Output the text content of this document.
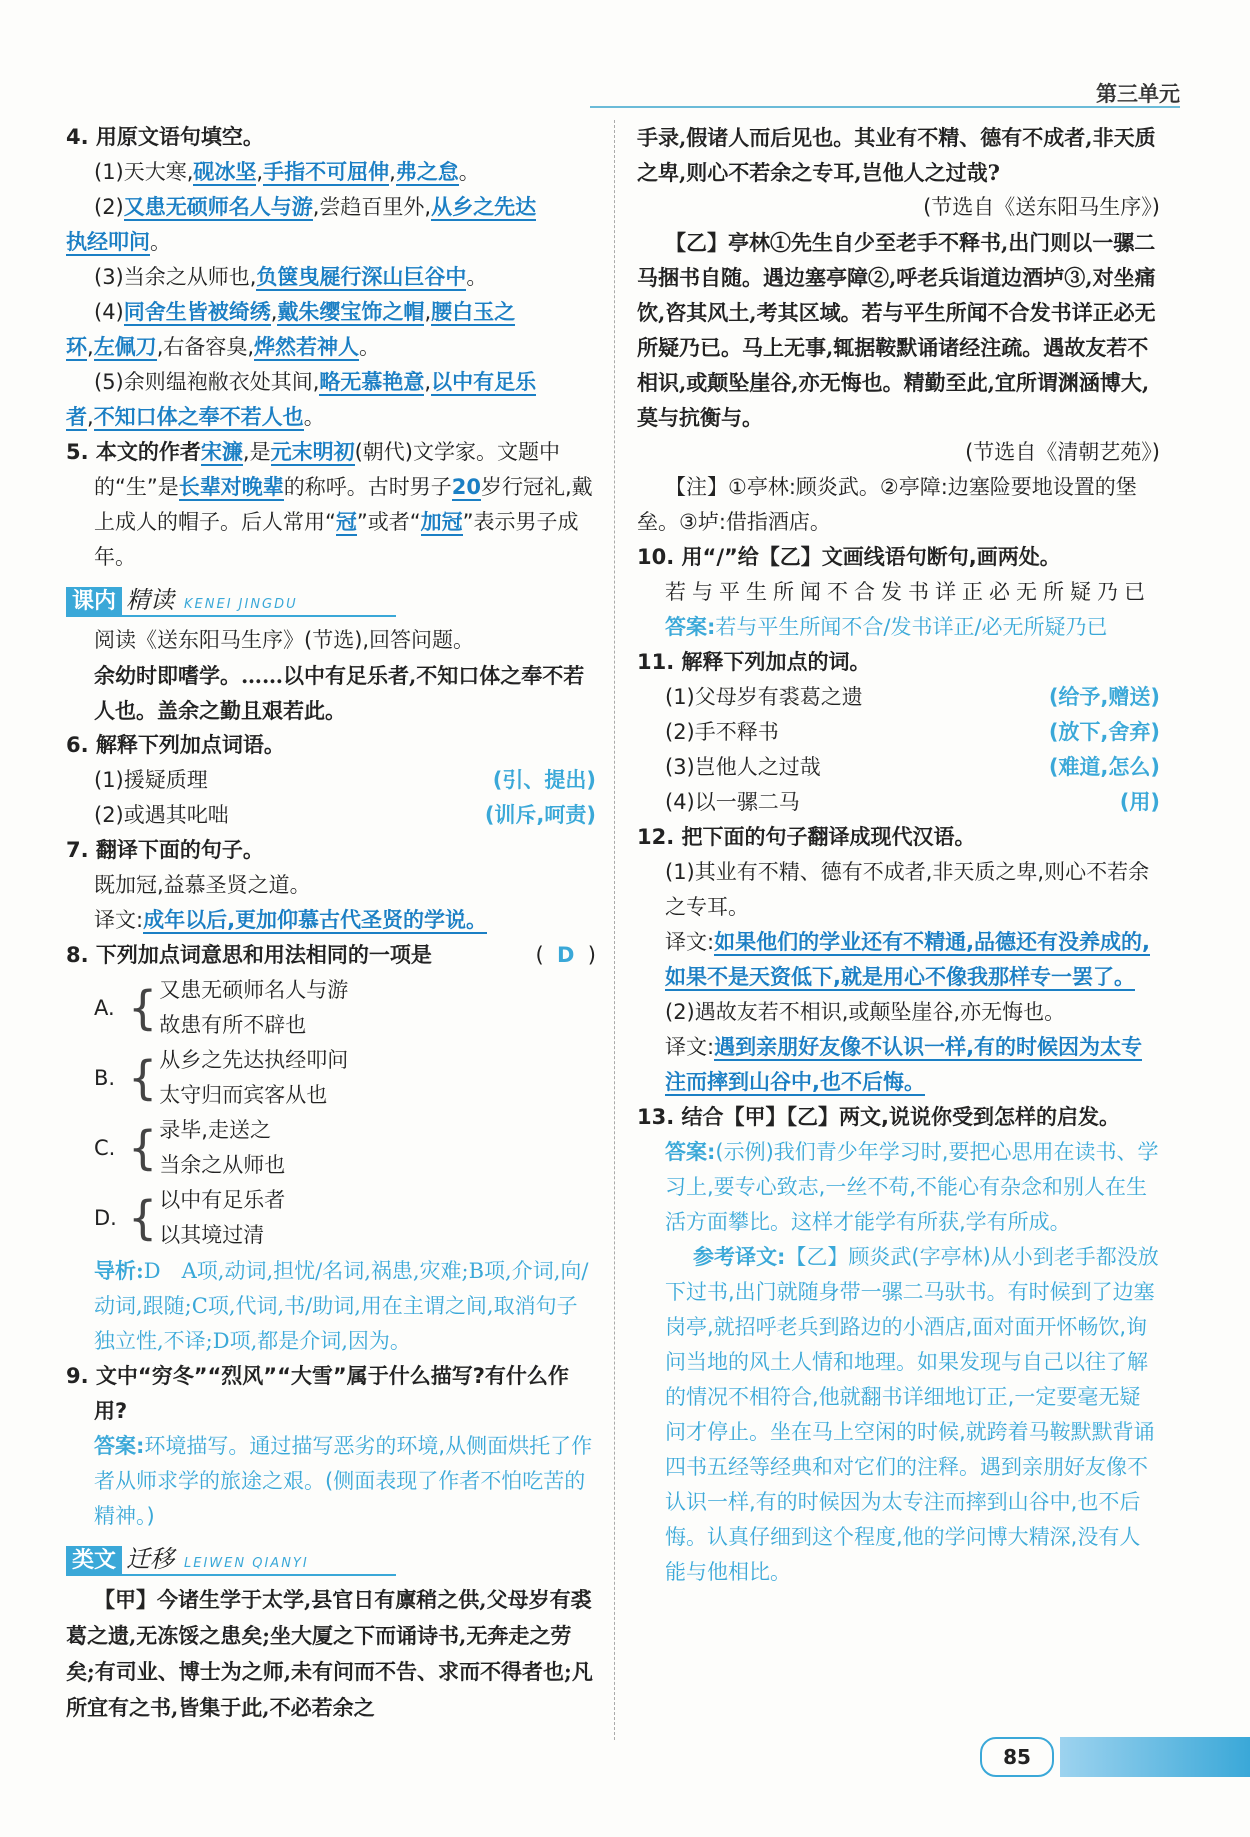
第三单元

4. 用原文语句填空。

(1)天大寒,砚冰坚,手指不可屈伸,弗之怠。

(2)又患无硕师名人与游,尝趋百里外,从乡之先达
执经叩问。

(3)当余之从师也,负箧曳屣行深山巨谷中。

(4)同舍生皆被绮绣,戴朱缨宝饰之帽,腰白玉之
环,左佩刀,右备容臭,烨然若神人。

(5)余则缊袍敝衣处其间,略无慕艳意,以中有足乐
者,不知口体之奉不若人也。

5. 本文的作者宋濂,是元末明初(朝代)文学家。文题中的“生”是长辈对晚辈的称呼。古时男子20岁行冠礼,戴上成人的帽子。后人常用“冠”或者“加冠”表示男子成年。

课内 精读 KENEI JINGDU

阅读《送东阳马生序》(节选),回答问题。

余幼时即嗜学。……以中有足乐者,不知口体之奉不若人也。盖余之勤且艰若此。

6. 解释下列加点词语。

(1)援疑质理	(引、提出)
(2)或遇其叱咄	(训斥,呵责)

7. 翻译下面的句子。

既加冠,益慕圣贤之道。

译文:成年以后,更加仰慕古代圣贤的学说。

8. 下列加点词意思和用法相同的一项是	( D )
A. { 又患无硕师名人与游
故患有所不辟也
B. { 从乡之先达执经叩问
太守归而宾客从也
C. { 录毕,走送之
当余之从师也
D. { 以中有足乐者
以其境过清

导析:D　A项,动词,担忧/名词,祸患,灾难;B项,介词,向/动词,跟随;C项,代词,书/助词,用在主谓之间,取消句子独立性,不译;D项,都是介词,因为。

9. 文中“穷冬”“烈风”“大雪”属于什么描写?有什么作用?

答案:环境描写。通过描写恶劣的环境,从侧面烘托了作者从师求学的旅途之艰。(侧面表现了作者不怕吃苦的精神。)

类文 迁移 LEIWEN QIANYI

【甲】今诸生学于太学,县官日有廪稍之供,父母岁有裘葛之遗,无冻馁之患矣;坐大厦之下而诵诗书,无奔走之劳矣;有司业、博士为之师,未有问而不告、求而不得者也;凡所宜有之书,皆集于此,不必若余之

手录,假诸人而后见也。其业有不精、德有不成者,非天质之卑,则心不若余之专耳,岂他人之过哉?

(节选自《送东阳马生序》)

【乙】亭林①先生自少至老手不释书,出门则以一骡二马捆书自随。遇边塞亭障②,呼老兵诣道边酒垆③,对坐痛饮,咨其风土,考其区域。若与平生所闻不合发书详正必无所疑乃已。马上无事,辄据鞍默诵诸经注疏。遇故友若不相识,或颠坠崖谷,亦无悔也。精勤至此,宜所谓渊涵博大,莫与抗衡与。

(节选自《清朝艺苑》)

【注】①亭林:顾炎武。②亭障:边塞险要地设置的堡垒。③垆:借指酒店。

10. 用“/”给【乙】文画线语句断句,画两处。

若与平生所闻不合发书详正必无所疑乃已

答案:若与平生所闻不合/发书详正/必无所疑乃已

11. 解释下列加点的词。

(1)父母岁有裘葛之遗	(给予,赠送)
(2)手不释书	(放下,舍弃)
(3)岂他人之过哉	(难道,怎么)
(4)以一骡二马	(用)

12. 把下面的句子翻译成现代汉语。

(1)其业有不精、德有不成者,非天质之卑,则心不若余之专耳。

译文:如果他们的学业还有不精通,品德还有没养成的,如果不是天资低下,就是用心不像我那样专一罢了。

(2)遇故友若不相识,或颠坠崖谷,亦无悔也。

译文:遇到亲朋好友像不认识一样,有的时候因为太专注而摔到山谷中,也不后悔。

13. 结合【甲】【乙】两文,说说你受到怎样的启发。

答案:(示例)我们青少年学习时,要把心思用在读书、学习上,要专心致志,一丝不苟,不能心有杂念和别人在生活方面攀比。这样才能学有所获,学有所成。

参考译文:【乙】顾炎武(字亭林)从小到老手都没放下过书,出门就随身带一骡二马驮书。有时候到了边塞岗亭,就招呼老兵到路边的小酒店,面对面开怀畅饮,询问当地的风土人情和地理。如果发现与自己以往了解的情况不相符合,他就翻书详细地订正,一定要毫无疑问才停止。坐在马上空闲的时候,就跨着马鞍默默背诵四书五经等经典和对它们的注释。遇到亲朋好友像不认识一样,有的时候因为太专注而摔到山谷中,也不后悔。认真仔细到这个程度,他的学问博大精深,没有人能与他相比。

85
